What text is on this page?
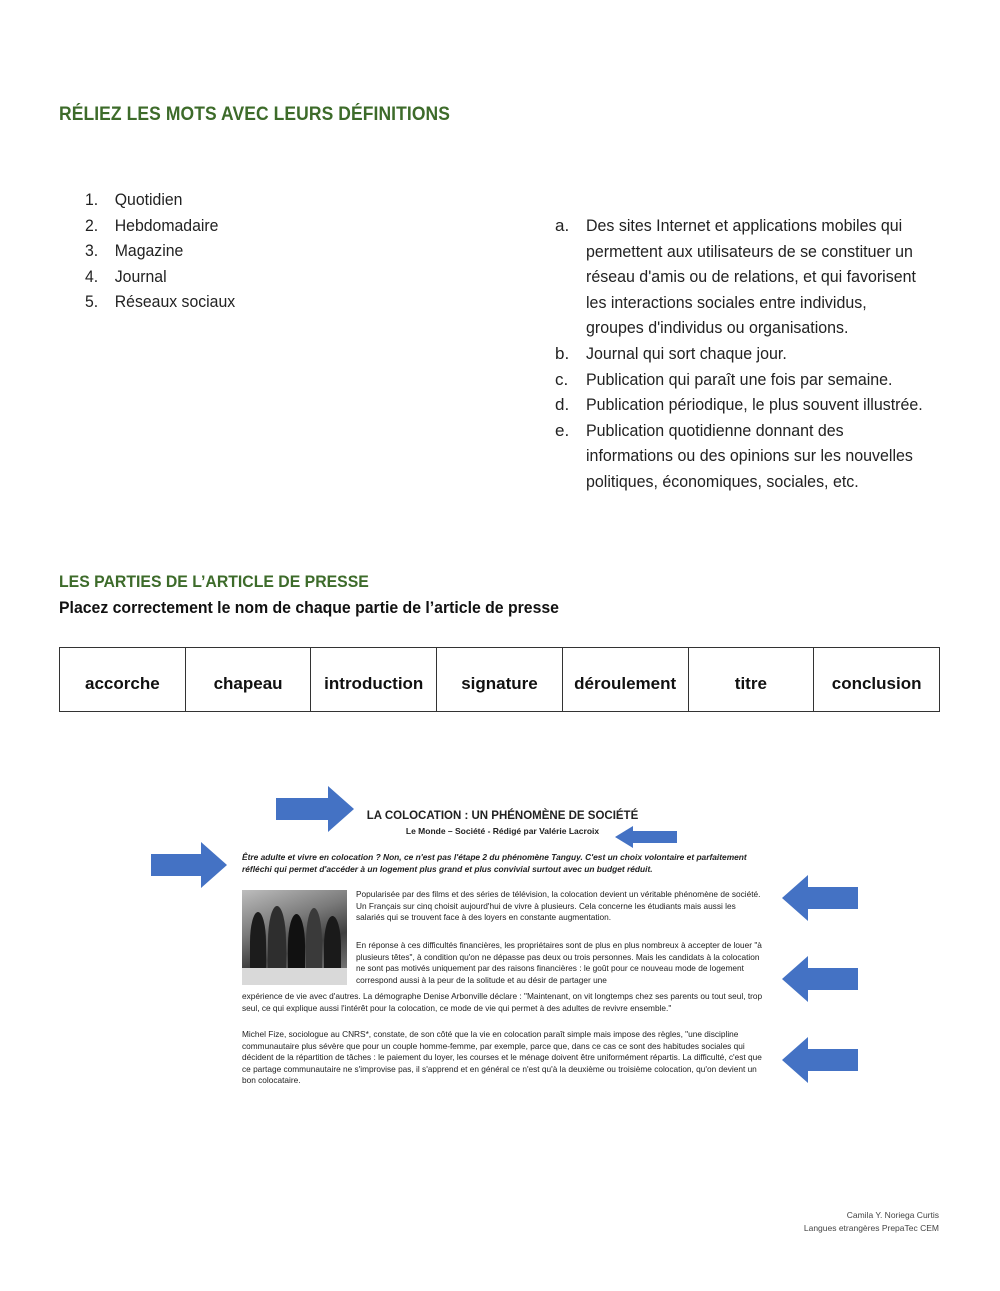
RÉLIEZ LES MOTS AVEC LEURS DÉFINITIONS
1. Quotidien
2. Hebdomadaire
3. Magazine
4. Journal
5. Réseaux sociaux
a. Des sites Internet et applications mobiles qui permettent aux utilisateurs de se constituer un réseau d'amis ou de relations, et qui favorisent les interactions sociales entre individus, groupes d'individus ou organisations.
b. Journal qui sort chaque jour.
c.	Publication qui paraît une fois par semaine.
d. Publication périodique, le plus souvent illustrée.
e. Publication quotidienne donnant des informations ou des opinions sur les nouvelles politiques, économiques, sociales, etc.
LES PARTIES DE L’ARTICLE DE PRESSE
Placez correctement le nom de chaque partie de l’article de presse
accorche	chapeau	introduction	signature	déroulement	titre	conclusion
LA COLOCATION : UN PHÉNOMÈNE DE SOCIÉTÉ
Le Monde – Société - Rédigé par Valérie Lacroix
Être adulte et vivre en colocation ? Non, ce n'est pas l'étape 2 du phénomène Tanguy. C'est un choix volontaire et parfaitement réfléchi qui permet d'accéder à un logement plus grand et plus convivial surtout avec un budget réduit.
Popularisée par des films et des séries de télévision, la colocation devient un véritable phénomène de société. Un Français sur cinq choisit aujourd'hui de vivre à plusieurs. Cela concerne les étudiants mais aussi les salariés qui se trouvent face à des loyers en constante augmentation.
En réponse à ces difficultés financières, les propriétaires sont de plus en plus nombreux à accepter de louer "à plusieurs têtes", à condition qu'on ne dépasse pas deux ou trois personnes. Mais les candidats à la colocation ne sont pas motivés uniquement par des raisons financières : le goût pour ce nouveau mode de logement correspond aussi à la peur de la solitude et au désir de partager une
expérience de vie avec d'autres. La démographe Denise Arbonville déclare : "Maintenant, on vit longtemps chez ses parents ou tout seul, trop seul, ce qui explique aussi l'intérêt pour la colocation, ce mode de vie qui permet à des adultes de revivre ensemble."
Michel Fize, sociologue au CNRS*, constate, de son côté que la vie en colocation paraît simple mais impose des règles, "une discipline communautaire plus sévère que pour un couple homme-femme, par exemple, parce que, dans ce cas ce sont des habitudes sociales qui décident de la répartition de tâches : le paiement du loyer, les courses et le ménage doivent être uniformément répartis. La difficulté, c'est que ce partage communautaire ne s'improvise pas, il s'apprend et en général ce n'est qu'à la deuxième ou troisième colocation, qu'on devient un bon colocataire.
Camila Y. Noriega Curtis
Langues etrangères PrepaTec CEM
